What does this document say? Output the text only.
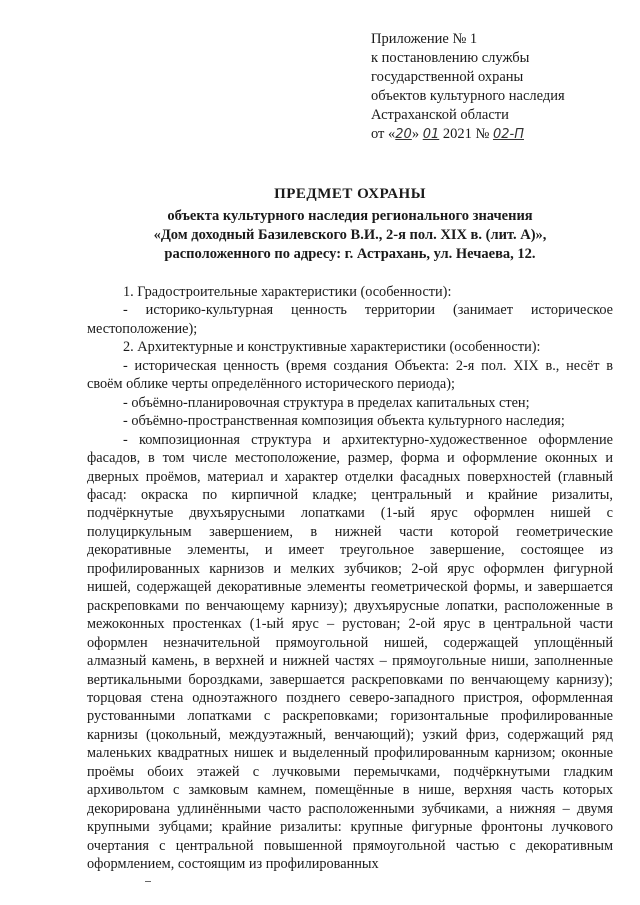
Приложение № 1
к постановлению службы
государственной охраны
объектов культурного наследия
Астраханской области
от «20» 01 2021 № 02-П
ПРЕДМЕТ ОХРАНЫ
объекта культурного наследия регионального значения
«Дом доходный Базилевского В.И., 2-я пол. XIX в. (лит. А)»,
расположенного по адресу: г. Астрахань, ул. Нечаева, 12.

1. Градостроительные характеристики (особенности):

- историко-культурная ценность территории (занимает историческое местоположение);

2. Архитектурные и конструктивные характеристики (особенности):

- историческая ценность (время создания Объекта: 2-я пол. XIX в., несёт в своём облике черты определённого исторического периода);

- объёмно-планировочная структура в пределах капитальных стен;

- объёмно-пространственная композиция объекта культурного наследия;

- композиционная структура и архитектурно-художественное оформление фасадов, в том числе местоположение, размер, форма и оформление оконных и дверных проёмов, материал и характер отделки фасадных поверхностей (главный фасад: окраска по кирпичной кладке; центральный и крайние ризалиты, подчёркнутые двухъярусными лопатками (1-ый ярус оформлен нишей с полуциркульным завершением, в нижней части которой геометрические декоративные элементы, и имеет треугольное завершение, состоящее из профилированных карнизов и мелких зубчиков; 2-ой ярус оформлен фигурной нишей, содержащей декоративные элементы геометрической формы, и завершается раскреповками по венчающему карнизу); двухъярусные лопатки, расположенные в межоконных простенках (1-ый ярус – рустован; 2-ой ярус в центральной части оформлен незначительной прямоугольной нишей, содержащей уплощённый алмазный камень, в верхней и нижней частях – прямоугольные ниши, заполненные вертикальными бороздками, завершается раскреповками по венчающему карнизу); торцовая стена одноэтажного позднего северо-западного пристроя, оформленная рустованными лопатками с раскреповками; горизонтальные профилированные карнизы (цокольный, междуэтажный, венчающий); узкий фриз, содержащий ряд маленьких квадратных нишек и выделенный профилированным карнизом; оконные проёмы обоих этажей с лучковыми перемычками, подчёркнутыми гладким архивольтом с замковым камнем, помещённые в нише, верхняя часть которых декорирована удлинёнными часто расположенными зубчиками, а нижняя – двумя крупными зубцами; крайние ризалиты: крупные фигурные фронтоны лучкового очертания с центральной повышенной прямоугольной частью с декоративным оформлением, состоящим из профилированных
